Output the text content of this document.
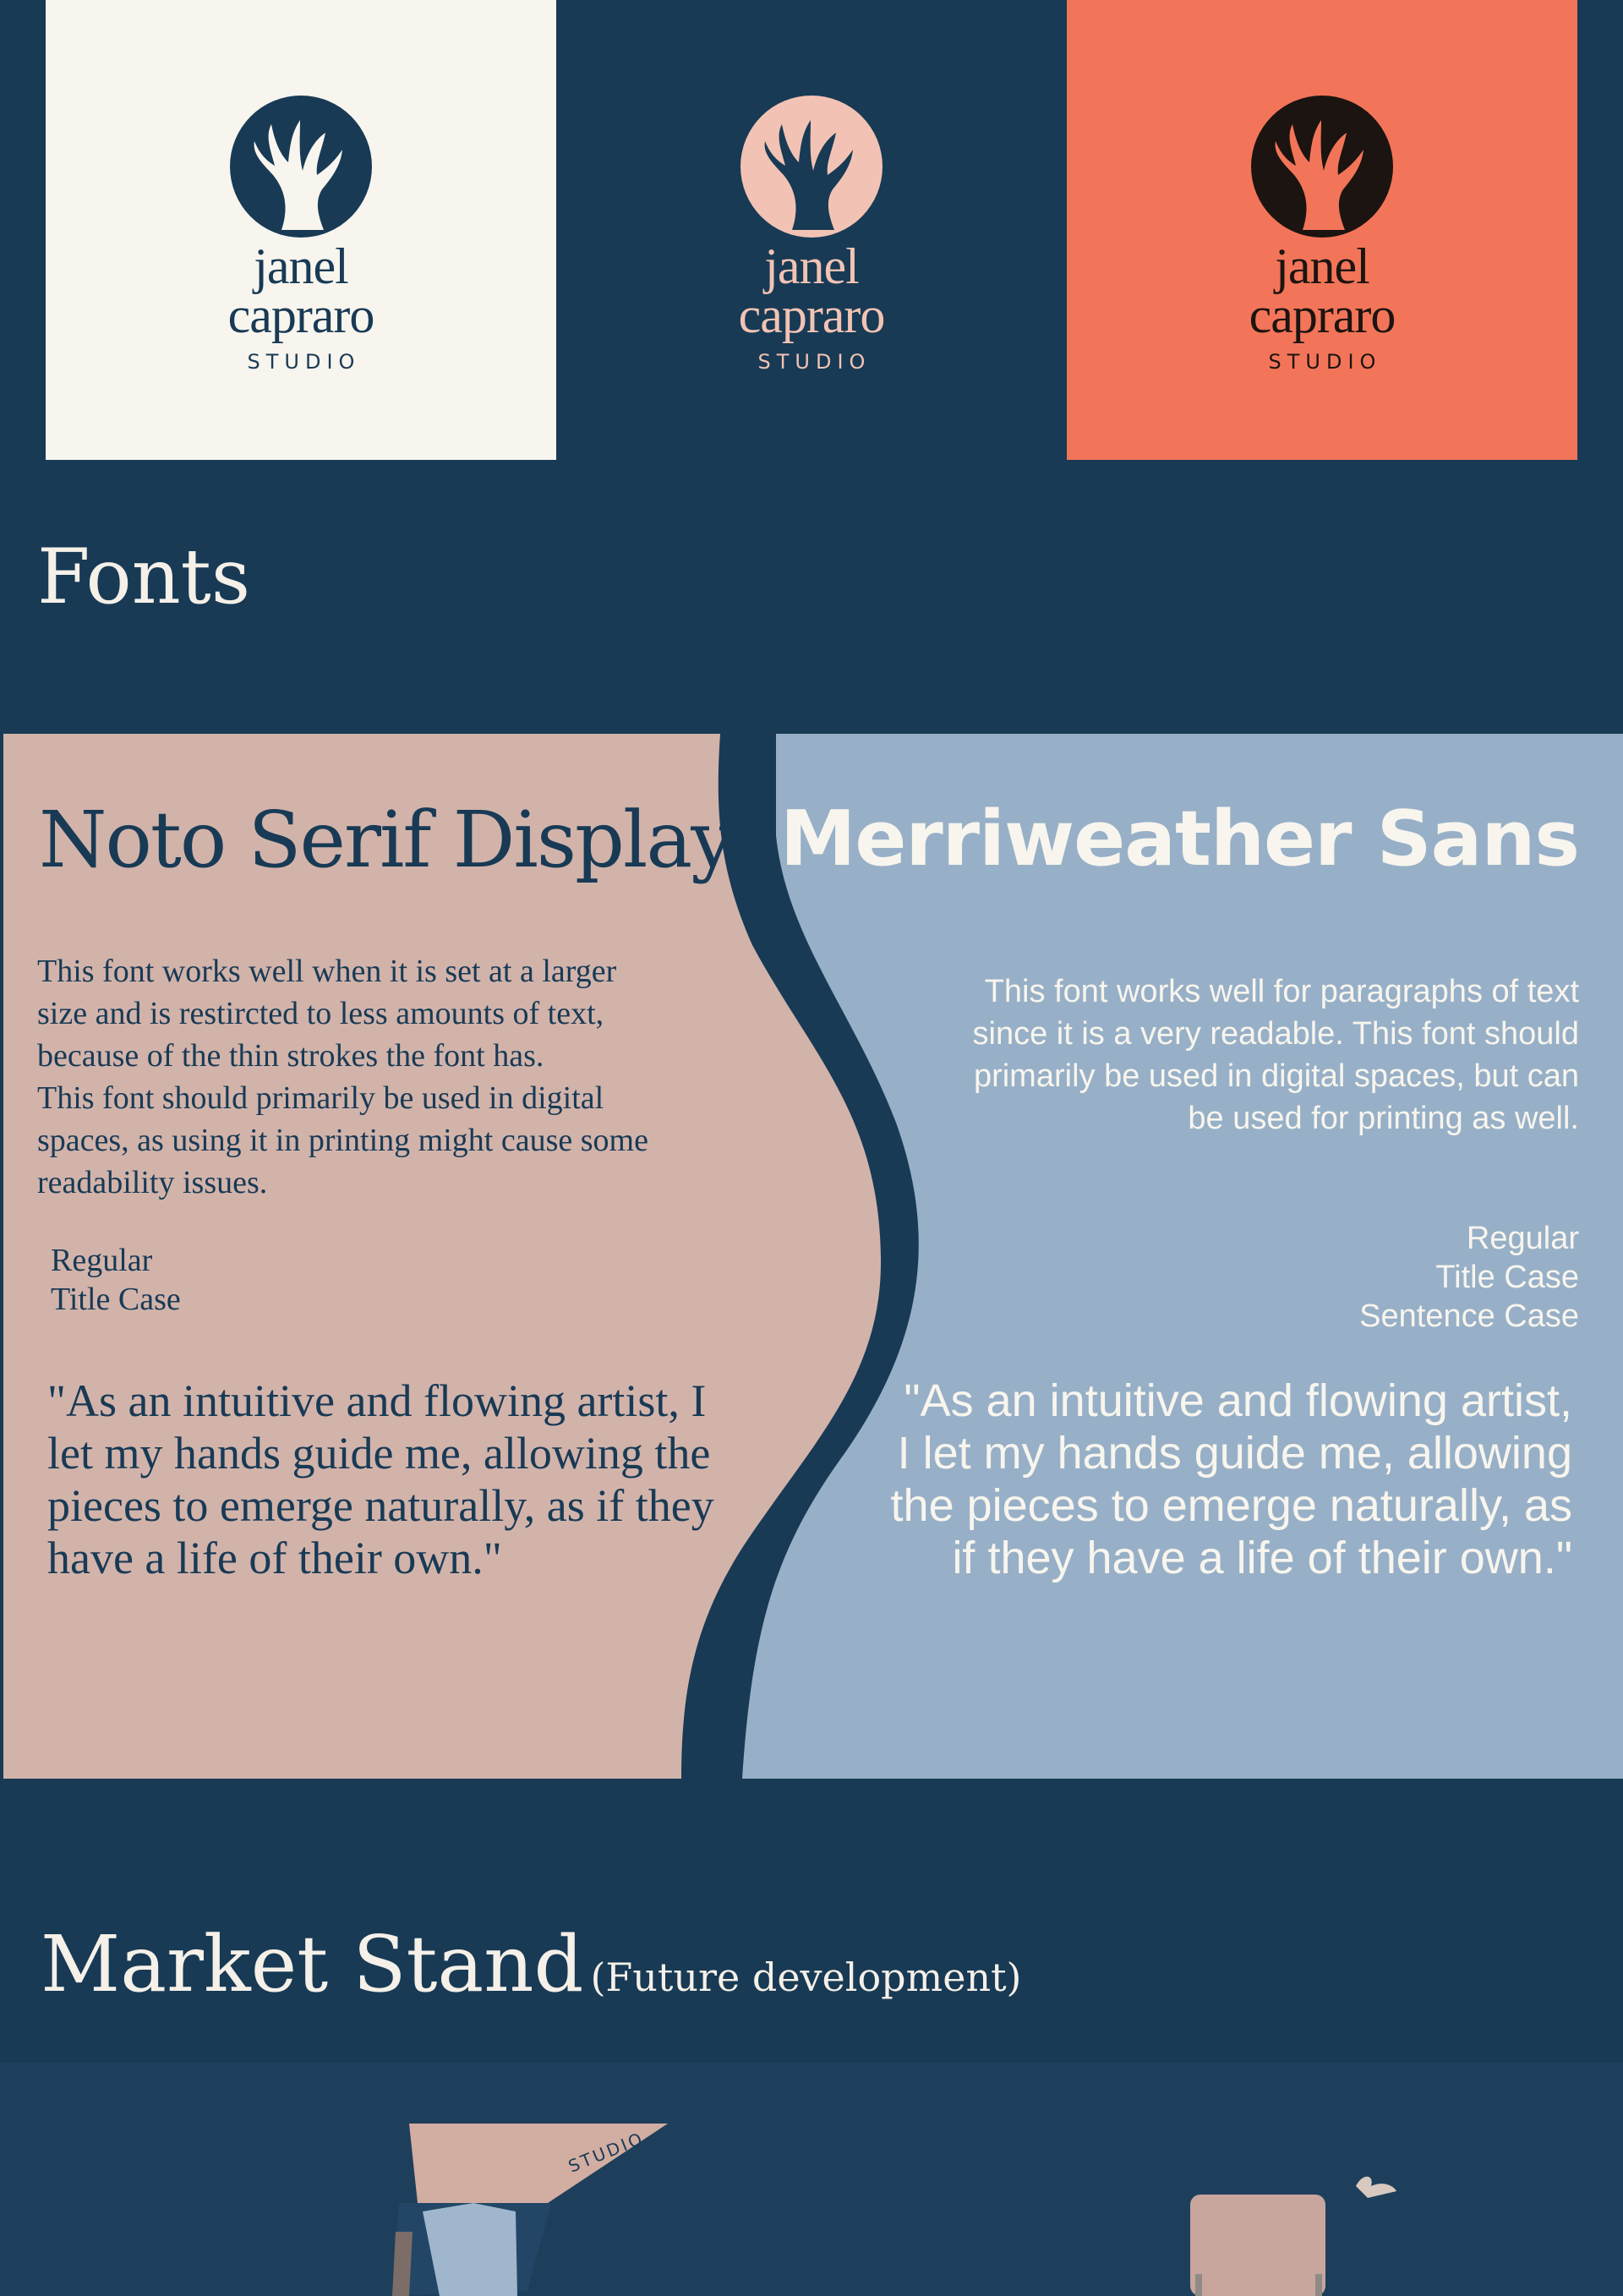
janel
capraro
STUDIO
janel
capraro
STUDIO
janel
capraro
STUDIO
Fonts
Noto Serif Display
This font works well when it is set at a larger
size and is restircted to less amounts of text,
because of the thin strokes the font has.
This font should primarily be used in digital
spaces, as using it in printing might cause some
readability issues.
Regular
Title Case
"As an intuitive and flowing artist, I let my hands guide me, allowing the pieces to emerge naturally, as if they have a life of their own."
Merriweather Sans
This font works well for paragraphs of text since it is a very readable. This font should primarily be used in digital spaces, but can be used for printing as well.
Regular
Title Case
Sentence Case
"As an intuitive and flowing artist, I let my hands guide me, allowing the pieces to emerge naturally, as if they have a life of their own."
Market Stand (Future development)
STUDIO
